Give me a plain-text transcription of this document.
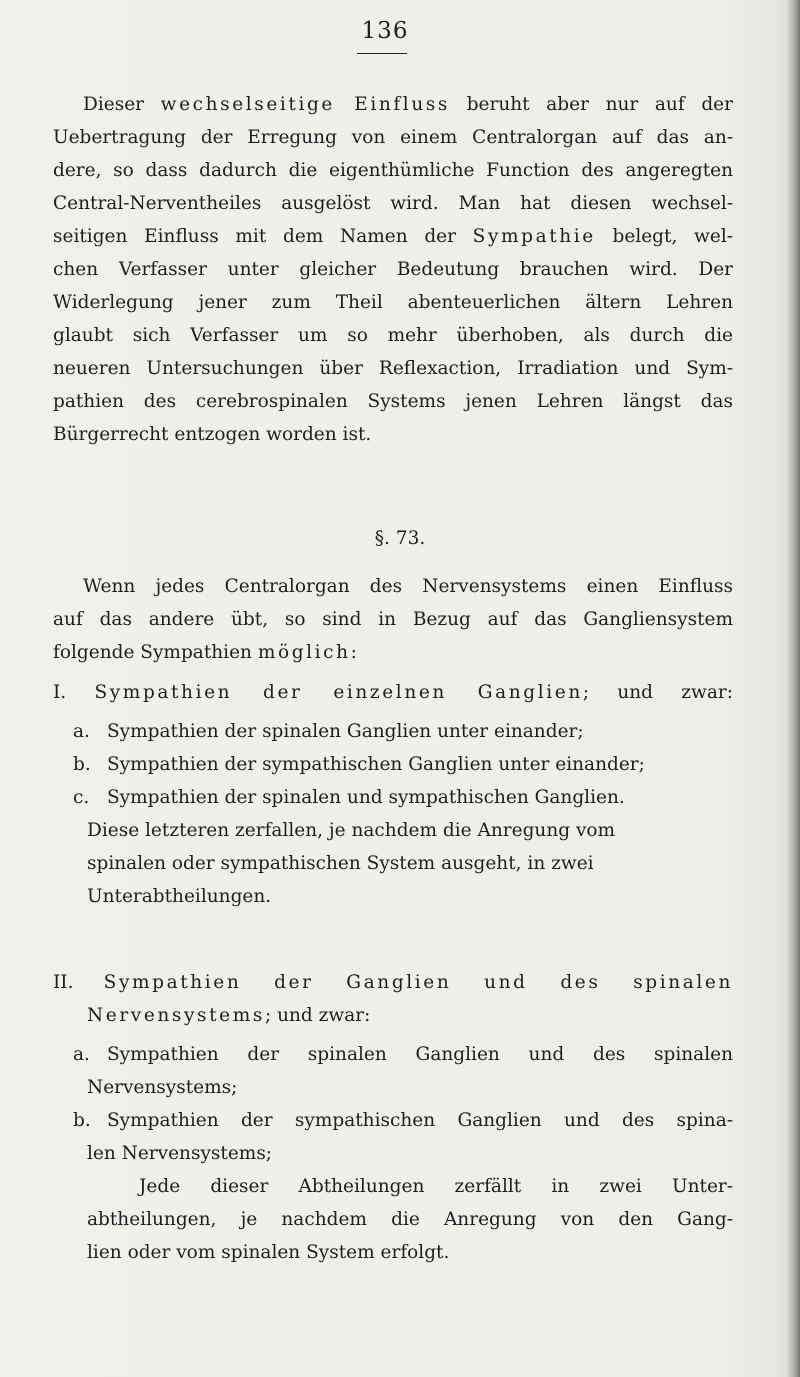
136
Dieser wechselseitige Einfluss beruht aber nur auf der
Uebertragung der Erregung von einem Centralorgan auf das an-
dere, so dass dadurch die eigenthümliche Function des angeregten
Central-Nerventheiles ausgelöst wird. Man hat diesen wechsel-
seitigen Einfluss mit dem Namen der Sympathie belegt, wel-
chen Verfasser unter gleicher Bedeutung brauchen wird. Der
Widerlegung jener zum Theil abenteuerlichen ältern Lehren
glaubt sich Verfasser um so mehr überhoben, als durch die
neueren Untersuchungen über Reflexaction, Irradiation und Sym-
pathien des cerebrospinalen Systems jenen Lehren längst das
Bürgerrecht entzogen worden ist.
§. 73.
Wenn jedes Centralorgan des Nervensystems einen Einfluss
auf das andere übt, so sind in Bezug auf das Gangliensystem
folgende Sympathien möglich:
I. Sympathien der einzelnen Ganglien; und zwar:
a. Sympathien der spinalen Ganglien unter einander;
b. Sympathien der sympathischen Ganglien unter einander;
c. Sympathien der spinalen und sympathischen Ganglien.
Diese letzteren zerfallen, je nachdem die Anregung vom
spinalen oder sympathischen System ausgeht, in zwei
Unterabtheilungen.
II. Sympathien der Ganglien und des spinalen
Nervensystems; und zwar:
a. Sympathien der spinalen Ganglien und des spinalen
Nervensystems;
b. Sympathien der sympathischen Ganglien und des spina-
len Nervensystems;
Jede dieser Abtheilungen zerfällt in zwei Unter-
abtheilungen, je nachdem die Anregung von den Gang-
lien oder vom spinalen System erfolgt.
